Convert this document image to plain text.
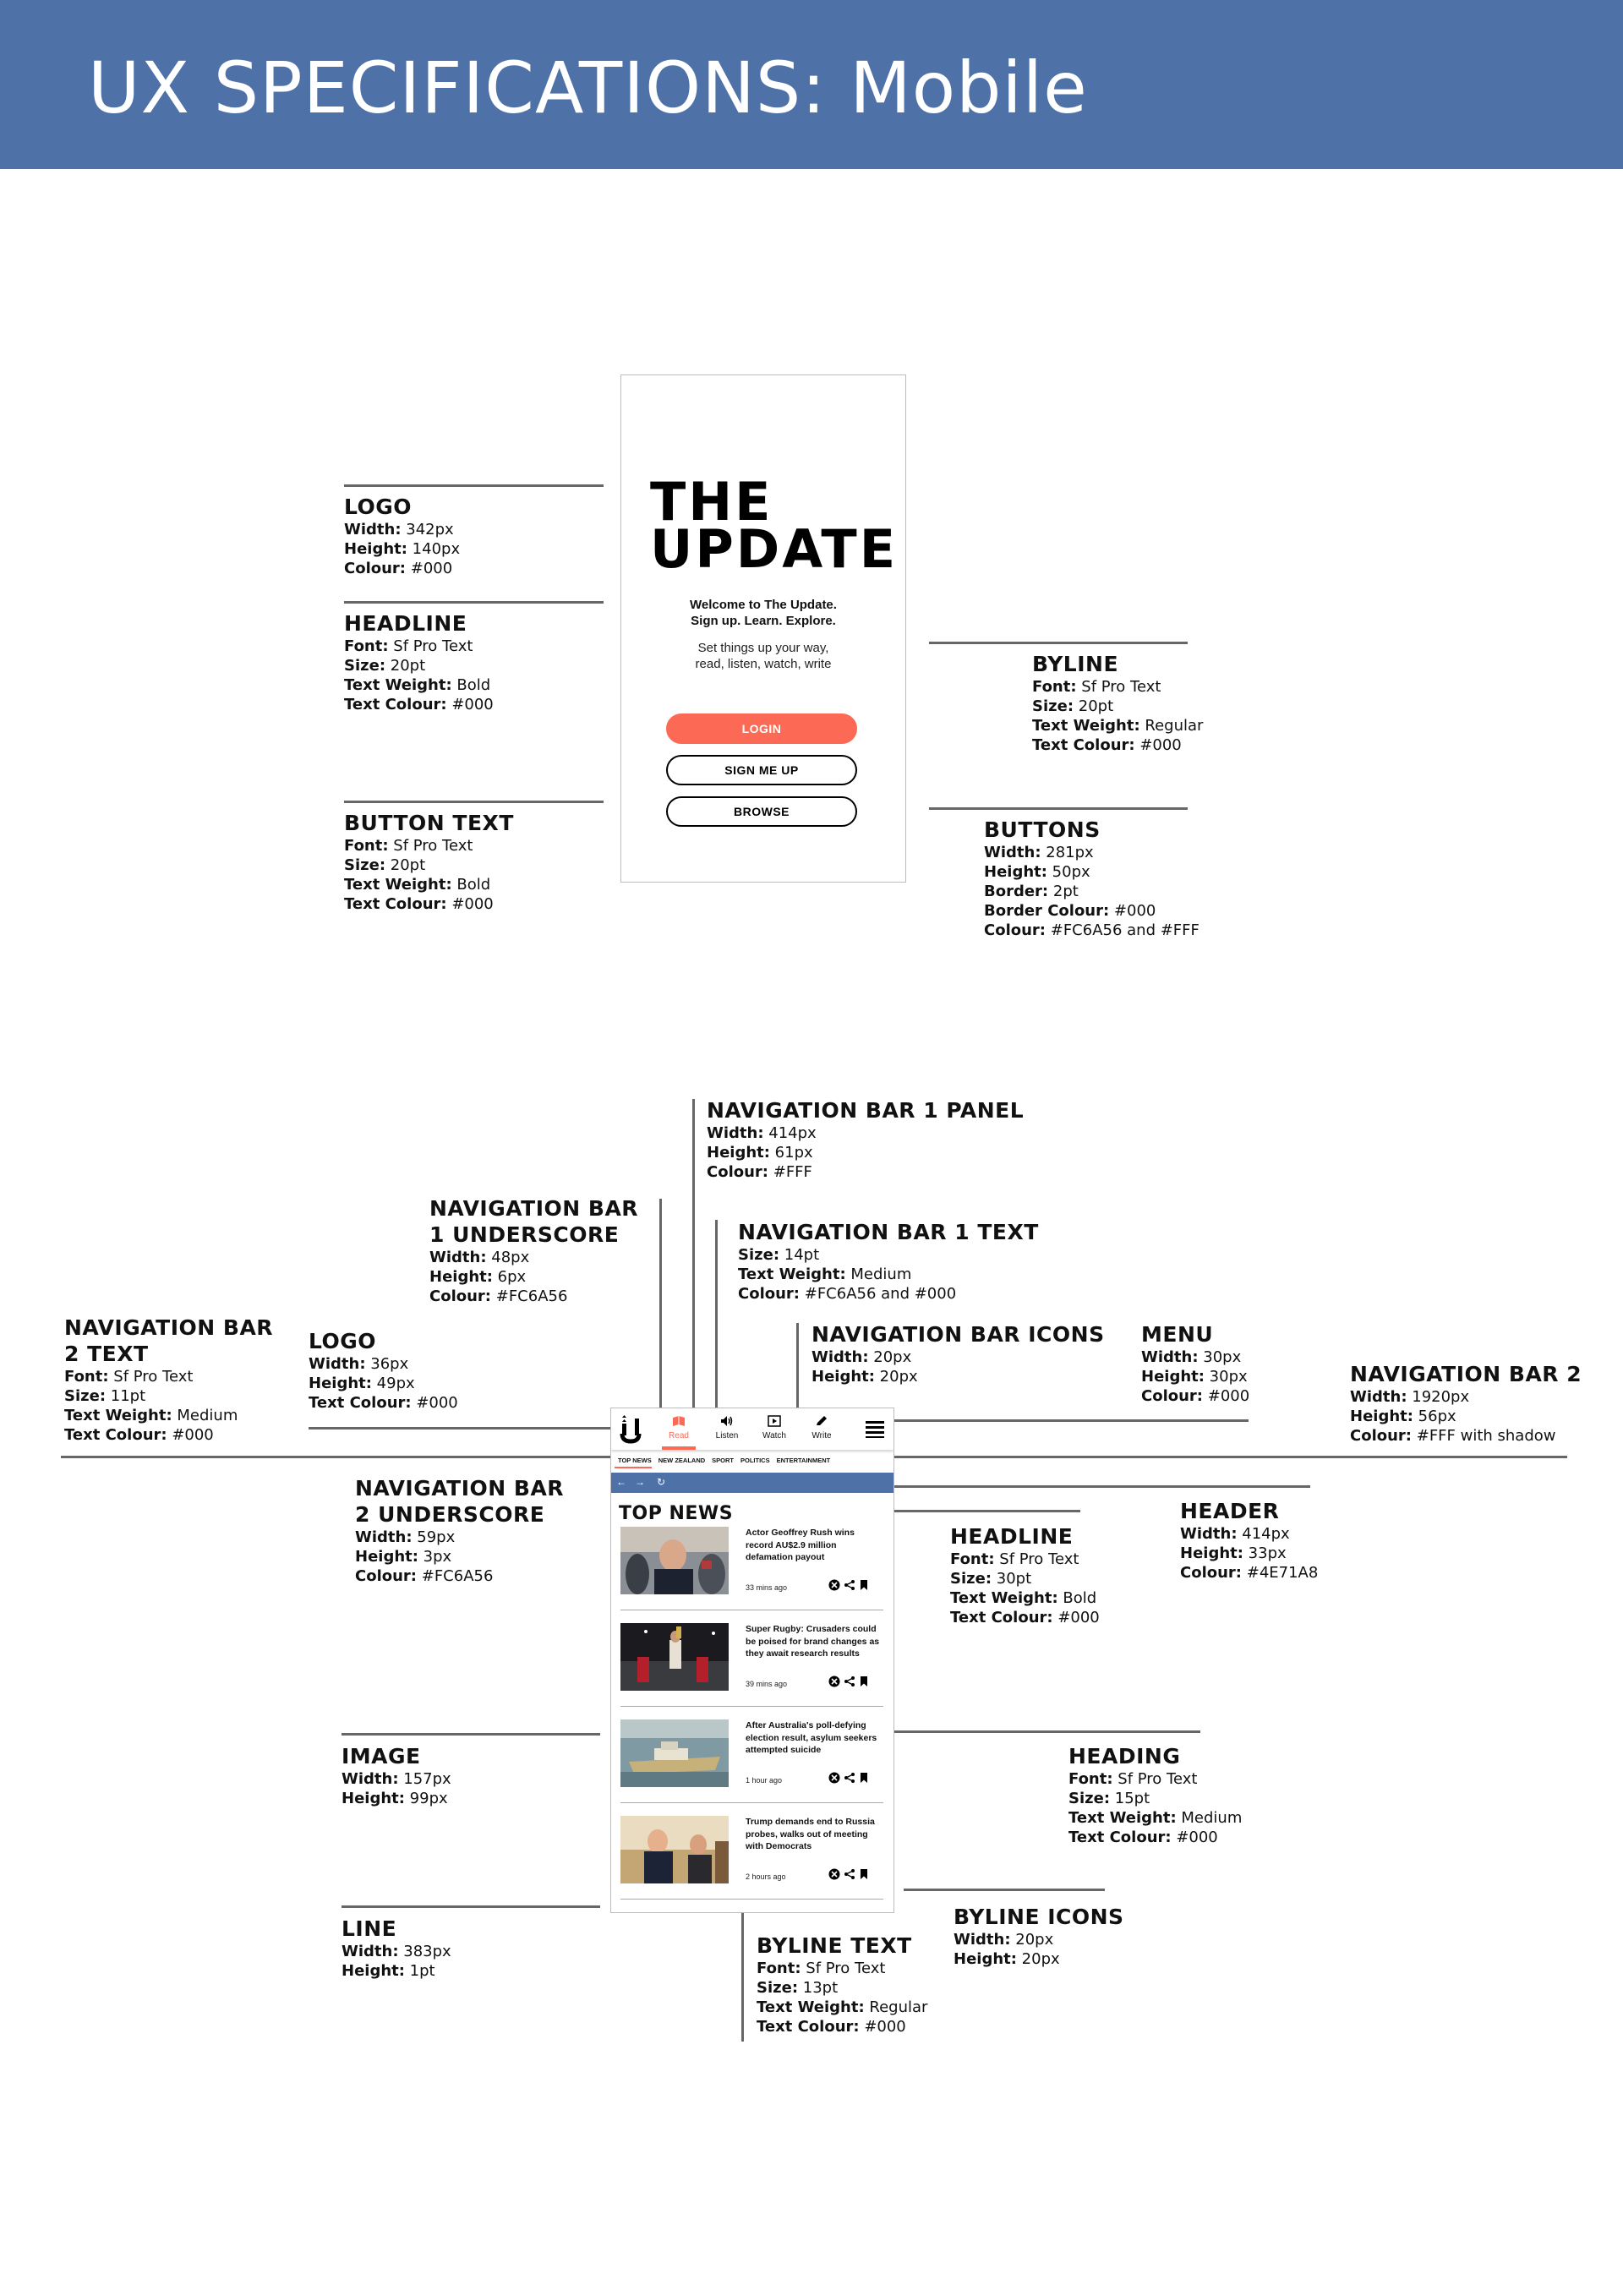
UX SPECIFICATIONS: Mobile
LOGO
Width: 342px
Height: 140px
Colour: #000
HEADLINE
Font: Sf Pro Text
Size: 20pt
Text Weight: Bold
Text Colour: #000
BUTTON TEXT
Font: Sf Pro Text
Size: 20pt
Text Weight: Bold
Text Colour: #000
BYLINE
Font: Sf Pro Text
Size: 20pt
Text Weight: Regular
Text Colour: #000
BUTTONS
Width: 281px
Height: 50px
Border: 2pt
Border Colour: #000
Colour: #FC6A56 and #FFF
THE
UPDATE
Welcome to The Update.
Sign up. Learn. Explore.
Set things up your way,
read, listen, watch, write
LOGIN
SIGN ME UP
BROWSE
NAVIGATION BAR 1 PANEL
Width: 414px
Height: 61px
Colour: #FFF
NAVIGATION BAR
1 UNDERSCORE
Width: 48px
Height: 6px
Colour: #FC6A56
NAVIGATION BAR 1 TEXT
Size: 14pt
Text Weight: Medium
Colour: #FC6A56 and #000
NAVIGATION BAR
2 TEXT
Font: Sf Pro Text
Size: 11pt
Text Weight: Medium
Text Colour: #000
LOGO
Width: 36px
Height: 49px
Text Colour: #000
NAVIGATION BAR ICONS
Width: 20px
Height: 20px
MENU
Width: 30px
Height: 30px
Colour: #000
NAVIGATION BAR 2
Width: 1920px
Height: 56px
Colour: #FFF with shadow
NAVIGATION BAR
2 UNDERSCORE
Width: 59px
Height: 3px
Colour: #FC6A56
HEADLINE
Font: Sf Pro Text
Size: 30pt
Text Weight: Bold
Text Colour: #000
HEADER
Width: 414px
Height: 33px
Colour: #4E71A8
IMAGE
Width: 157px
Height: 99px
HEADING
Font: Sf Pro Text
Size: 15pt
Text Weight: Medium
Text Colour: #000
LINE
Width: 383px
Height: 1pt
BYLINE ICONS
Width: 20px
Height: 20px
BYLINE TEXT
Font: Sf Pro Text
Size: 13pt
Text Weight: Regular
Text Colour: #000
Read	Listen	Watch	Write
TOP NEWS NEW ZEALAND SPORT POLITICS ENTERTAINMENT
← → ↻
TOP NEWS
Actor Geoffrey Rush wins record AU$2.9 million defamation payout
33 mins ago
Super Rugby: Crusaders could be poised for brand changes as they await research results
39 mins ago
After Australia's poll-defying election result, asylum seekers attempted suicide
1 hour ago
Trump demands end to Russia probes, walks out of meeting with Democrats
2 hours ago
